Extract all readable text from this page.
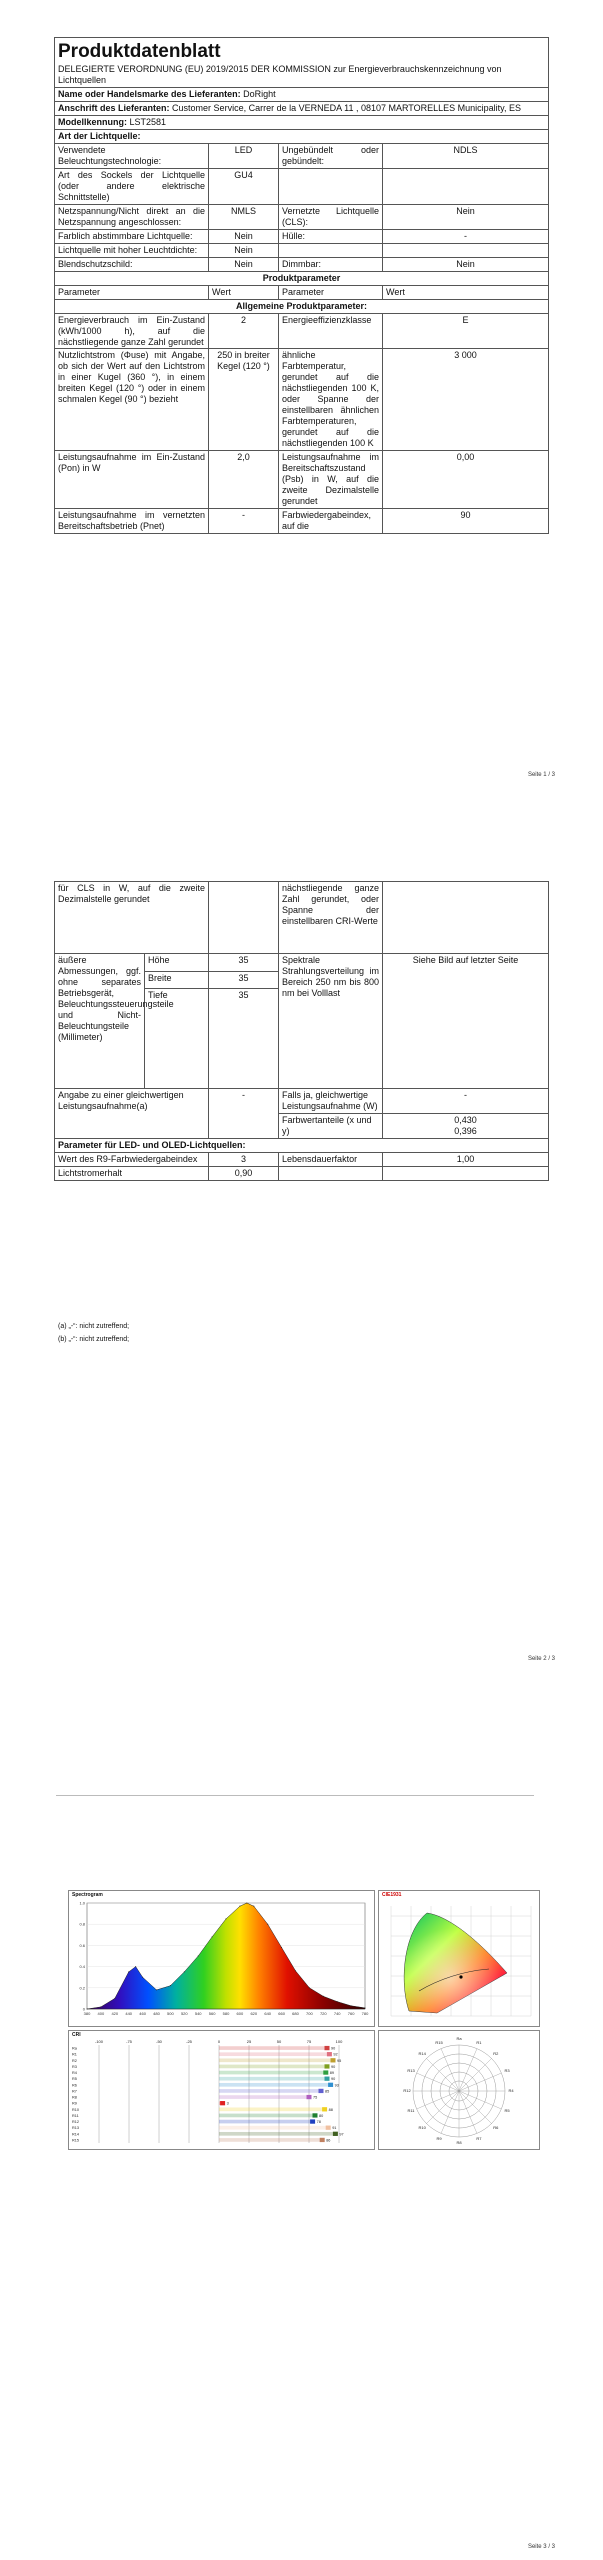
Produktdatenblatt			
DELEGIERTE VERORDNUNG (EU) 2019/2015 DER KOMMISSION zur Energieverbrauchskennzeichnung von Lichtquellen			
Name oder Handelsmarke des Lieferanten: DoRight			
Anschrift des Lieferanten: Customer Service, Carrer de la VERNEDA 11 , 08107 MARTORELLES Municipality, ES			
Modellkennung: LST2581			
Art der Lichtquelle:			
Verwendete Beleuchtungstechnologie:	LED	Ungebündelt oder gebündelt:	NDLS
Art des Sockels der Lichtquelle (oder andere elektrische Schnittstelle)	GU4		
Netzspannung/Nicht direkt an die Netzspannung angeschlossen:	NMLS	Vernetzte Lichtquelle (CLS):	Nein
Farblich abstimmbare Lichtquelle:	Nein	Hülle:	-
Lichtquelle mit hoher Leuchtdichte:	Nein		
Blendschutzschild:	Nein	Dimmbar:	Nein
Produktparameter			
Parameter	Wert	Parameter	Wert
Allgemeine Produktparameter:			
Energieverbrauch im Ein-Zustand (kWh/1000 h), auf die nächstliegende ganze Zahl gerundet	2	Energieeffizienzklasse	E
Nutzlichtstrom (Φuse) mit Angabe, ob sich der Wert auf den Lichtstrom in einer Kugel (360 °), in einem breiten Kegel (120 °) oder in einem schmalen Kegel (90 °) bezieht	250 in breiter Kegel (120 °)	ähnliche Farbtemperatur, gerundet auf die nächstliegenden 100 K, oder Spanne der einstellbaren ähnlichen Farbtemperaturen, gerundet auf die nächstliegenden 100 K	3 000
Leistungsaufnahme im Ein-Zustand (Pon) in W	2,0	Leistungsaufnahme im Bereitschaftszustand (Psb) in W, auf die zweite Dezimalstelle gerundet	0,00
Leistungsaufnahme im vernetzten Bereitschaftsbetrieb (Pnet)	-	Farbwiedergabeindex, auf die	90
Seite 1 / 3
für CLS in W, auf die zweite Dezimalstelle gerundet			nächstliegende ganze Zahl gerundet, oder Spanne der einstellbaren CRI-Werte	
äußere Abmessungen, ggf. ohne separates Betriebsgerät, Beleuchtungssteuerungsteile und Nicht-Beleuchtungsteile (Millimeter)	Höhe	35	Spektrale Strahlungsverteilung im Bereich 250 nm bis 800 nm bei Volllast	Siehe Bild auf letzter Seite
	Breite	35		
	Tiefe	35		
Angabe zu einer gleichwertigen Leistungsaufnahme(a)		-	Falls ja, gleichwertige Leistungsaufnahme (W)	-
			Farbwertanteile (x und y)	0,430
0,396
Parameter für LED- und OLED-Lichtquellen:				
Wert des R9-Farbwiedergabeindex		3	Lebensdauerfaktor	1,00
Lichtstromerhalt		0,90		
(a) „-“: nicht zutreffend;
(b) „-“: nicht zutreffend;
Seite 2 / 3
Spectrogram
0
0.2
0.4
0.6
0.8
1.0
380 400 420 440 460 480 500 520 540 560 580 600 620 640 660 680 700 720 740 760 780
CIE1931
CRI
-100	-75	-50	-25	0	25	50	75	100
Ra	90
R1	92
R2	95
R3	90
R4	89
R5	90
R6	93
R7	85
R8	75
R9	3
R10	88
R11	80
R12	78
R13	91
R14	97
R15	86
Ra
R1
R2
R3
R4
R5
R6
R7
R8
R9
R10
R11
R12
R13
R14
R15
Seite 3 / 3
